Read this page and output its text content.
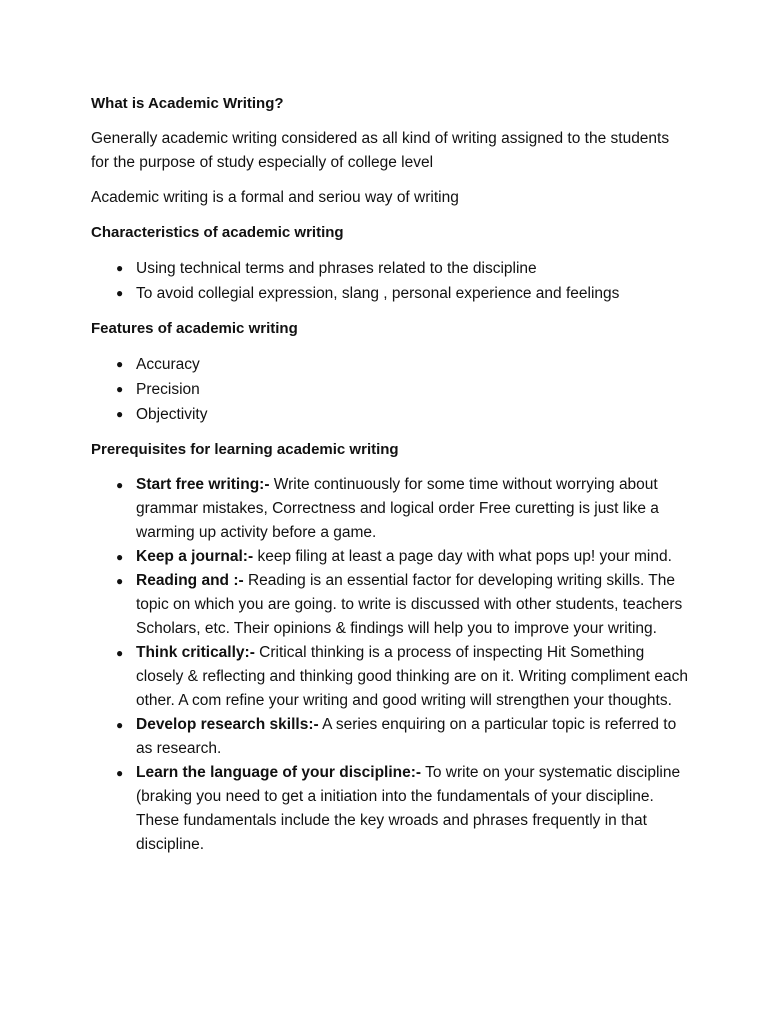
What is Academic Writing?

Generally academic writing considered as all kind of writing assigned to the students for the purpose of study especially of college level

Academic writing is a formal and seriou way of writing

Characteristics of academic writing
● Using technical terms and phrases related to the discipline
● To avoid collegial expression, slang , personal experience and feelings
Features of academic writing
● Accuracy
● Precision
● Objectivity
Prerequisites for learning academic writing
● Start free writing:- Write continuously for some time without worrying about grammar mistakes, Correctness and logical order Free curetting is just like a warming up activity before a game.
● Keep a journal:- keep filing at least a page day with what pops up! your mind.
● Reading and :- Reading is an essential factor for developing writing skills. The topic on which you are going. to write is discussed with other students, teachers Scholars, etc. Their opinions & findings will help you to improve your writing.
● Think critically:- Critical thinking is a process of inspecting Hit Something closely & reflecting and thinking good thinking are on it. Writing compliment each other. A com refine your writing and good writing will strengthen your thoughts.
● Develop research skills:- A series enquiring on a particular topic is referred to as research.
● Learn the language of your discipline:- To write on your systematic discipline (braking you need to get a initiation into the fundamentals of your discipline. These fundamentals include the key wroads and phrases frequently in that discipline.
